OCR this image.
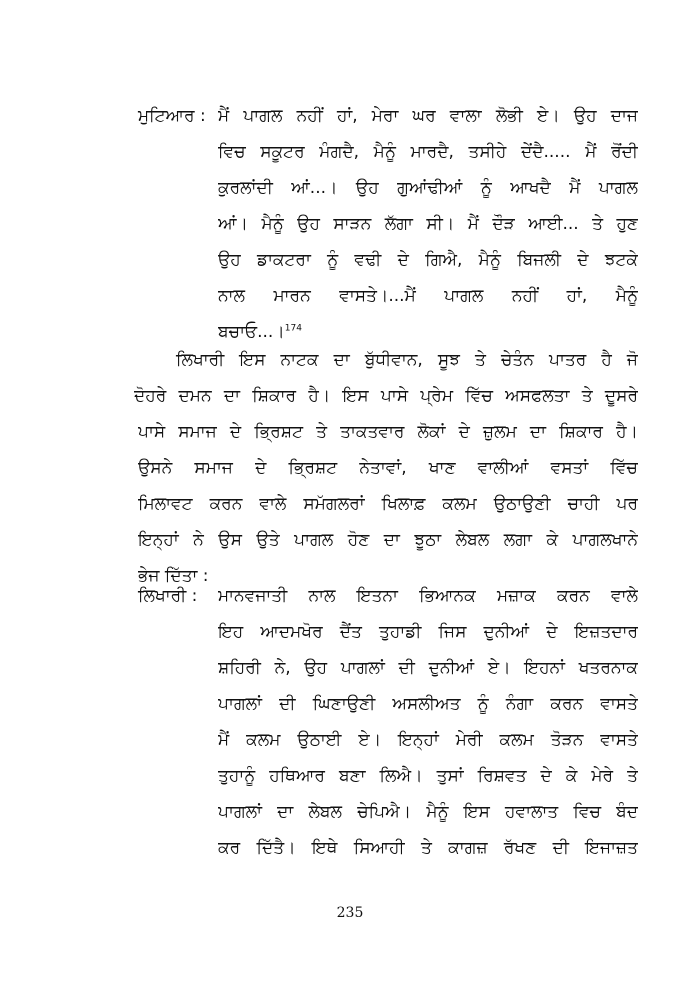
ਮੁਟਿਆਰ : ਮੈਂ ਪਾਗਲ ਨਹੀਂ ਹਾਂ, ਮੇਰਾ ਘਰ ਵਾਲਾ ਲੋਭੀ ਏ। ਉਹ ਦਾਜ
ਵਿਚ ਸਕੂਟਰ ਮੰਗਦੈ, ਮੈਨੂੰ ਮਾਰਦੈ, ਤਸੀਹੇ ਦੇਂਦੈ..... ਮੈਂ ਰੋਂਦੀ
ਕੁਰਲਾਂਦੀ ਆਂ...। ਉਹ ਗੁਆਂਢੀਆਂ ਨੂੰ ਆਖਦੈ ਮੈਂ ਪਾਗਲ
ਆਂ। ਮੈਨੂੰ ਉਹ ਸਾੜਨ ਲੱਗਾ ਸੀ। ਮੈਂ ਦੌੜ ਆਈ... ਤੇ ਹੁਣ
ਉਹ ਡਾਕਟਰਾ ਨੂੰ ਵਢੀ ਦੇ ਗਿਐ, ਮੈਨੂੰ ਬਿਜਲੀ ਦੇ ਝਟਕੇ
ਨਾਲ ਮਾਰਨ ਵਾਸਤੇ।...ਮੈਂ ਪਾਗਲ ਨਹੀਂ ਹਾਂ, ਮੈਨੂੰ
ਬਚਾਓ...।$^{174}$
ਲਿਖਾਰੀ ਇਸ ਨਾਟਕ ਦਾ ਬੁੱਧੀਵਾਨ, ਸੂਝ ਤੇ ਚੇਤੰਨ ਪਾਤਰ ਹੈ ਜੋ
ਦੋਹਰੇ ਦਮਨ ਦਾ ਸ਼ਿਕਾਰ ਹੈ। ਇਸ ਪਾਸੇ ਪ੍ਰੇਮ ਵਿੱਚ ਅਸਫਲਤਾ ਤੇ ਦੂਸਰੇ
ਪਾਸੇ ਸਮਾਜ ਦੇ ਭ੍ਰਿਸ਼ਟ ਤੇ ਤਾਕਤਵਾਰ ਲੋਕਾਂ ਦੇ ਜ਼ੁਲਮ ਦਾ ਸ਼ਿਕਾਰ ਹੈ।
ਉਸਨੇ ਸਮਾਜ ਦੇ ਭ੍ਰਿਸ਼ਟ ਨੇਤਾਵਾਂ, ਖਾਣ ਵਾਲੀਆਂ ਵਸਤਾਂ ਵਿੱਚ
ਮਿਲਾਵਟ ਕਰਨ ਵਾਲੇ ਸਮੱਗਲਰਾਂ ਖਿਲਾਫ਼ ਕਲਮ ਉਠਾਉਣੀ ਚਾਹੀ ਪਰ
ਇਨ੍ਹਾਂ ਨੇ ਉਸ ਉਤੇ ਪਾਗਲ ਹੋਣ ਦਾ ਝੂਠਾ ਲੇਬਲ ਲਗਾ ਕੇ ਪਾਗਲਖਾਨੇ
ਭੇਜ ਦਿੱਤਾ :
ਲਿਖਾਰੀ : ਮਾਨਵਜਾਤੀ ਨਾਲ ਇਤਨਾ ਭਿਆਨਕ ਮਜ਼ਾਕ ਕਰਨ ਵਾਲੇ
ਇਹ ਆਦਮਖੋਰ ਦੈਂਤ ਤੁਹਾਡੀ ਜਿਸ ਦੁਨੀਆਂ ਦੇ ਇਜ਼ਤਦਾਰ
ਸ਼ਹਿਰੀ ਨੇ, ਉਹ ਪਾਗਲਾਂ ਦੀ ਦੁਨੀਆਂ ਏ। ਇਹਨਾਂ ਖਤਰਨਾਕ
ਪਾਗਲਾਂ ਦੀ ਘਿਣਾਉਣੀ ਅਸਲੀਅਤ ਨੂੰ ਨੰਗਾ ਕਰਨ ਵਾਸਤੇ
ਮੈਂ ਕਲਮ ਉਠਾਈ ਏ। ਇਨ੍ਹਾਂ ਮੇਰੀ ਕਲਮ ਤੋੜਨ ਵਾਸਤੇ
ਤੁਹਾਨੂੰ ਹਥਿਆਰ ਬਣਾ ਲਿਐ। ਤੁਸਾਂ ਰਿਸ਼ਵਤ ਦੇ ਕੇ ਮੇਰੇ ਤੇ
ਪਾਗਲਾਂ ਦਾ ਲੇਬਲ ਚੇਪਿਐ। ਮੈਨੂੰ ਇਸ ਹਵਾਲਾਤ ਵਿਚ ਬੰਦ
ਕਰ ਦਿੱਤੈ। ਇਥੇ ਸਿਆਹੀ ਤੇ ਕਾਗਜ਼ ਰੱਖਣ ਦੀ ਇਜਾਜ਼ਤ
235
